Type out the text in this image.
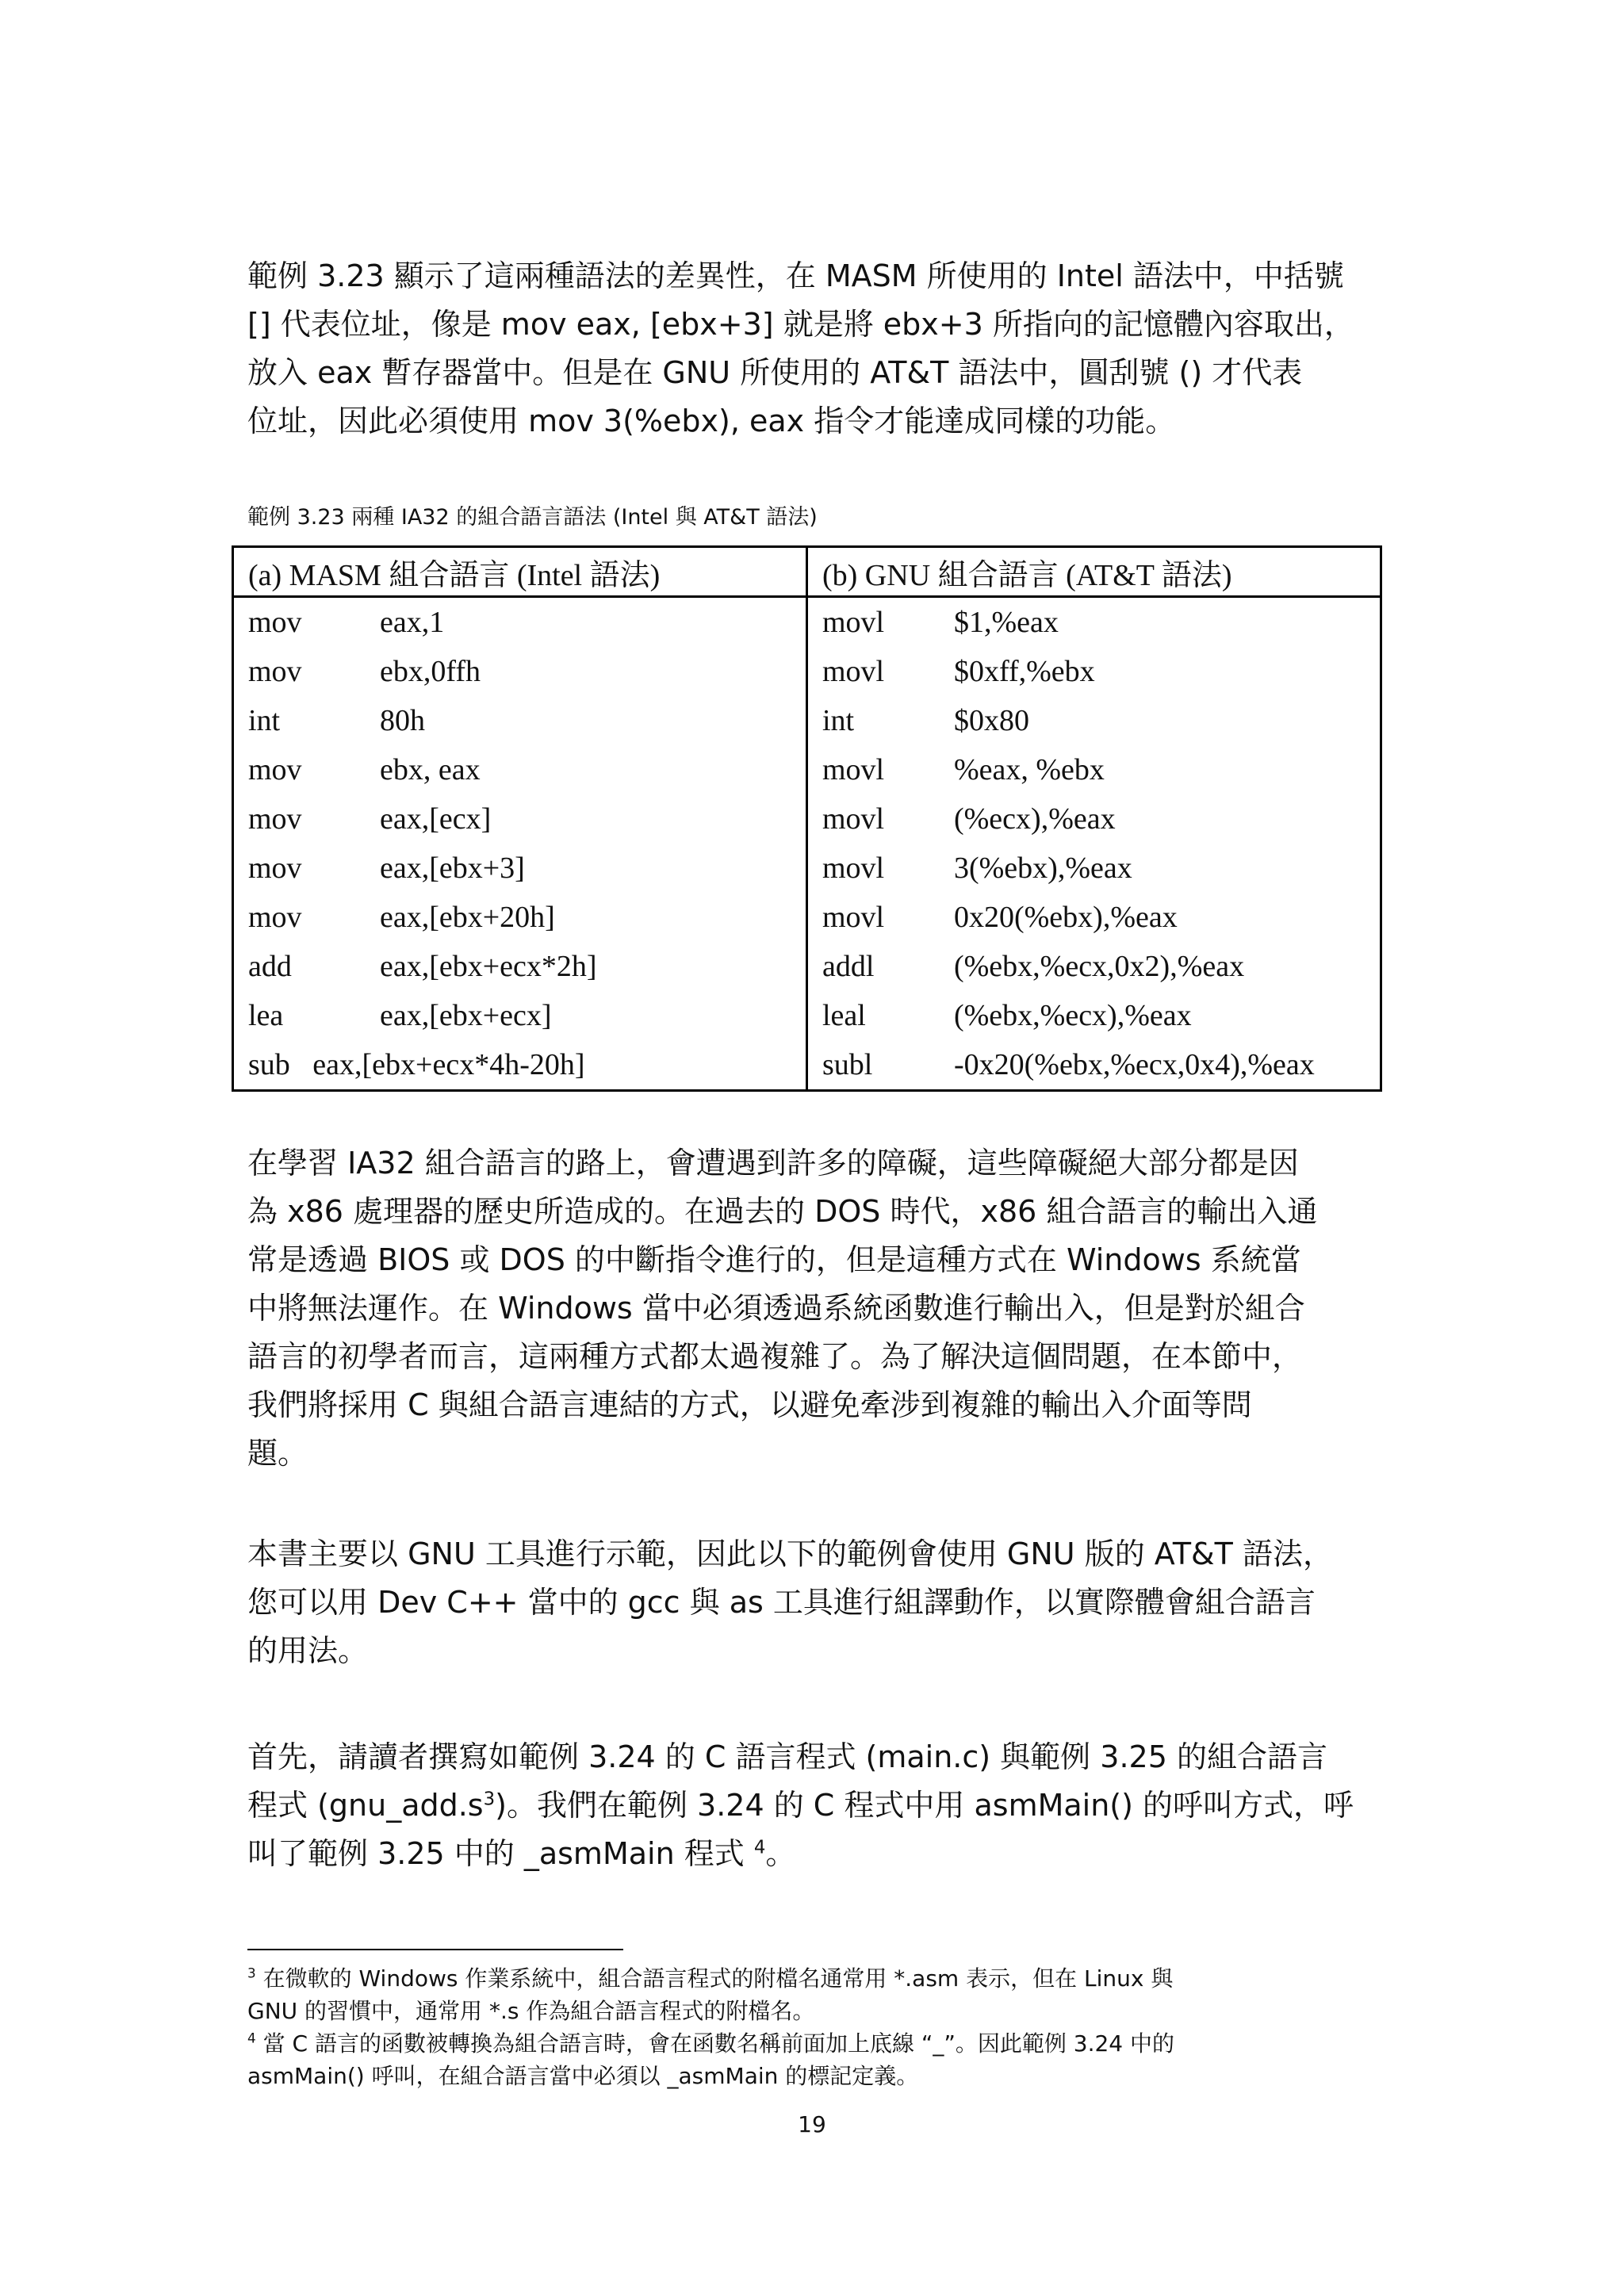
範例 3.23 顯示了這兩種語法的差異性，在 MASM 所使用的 Intel 語法中，中括號
[] 代表位址，像是 mov eax, [ebx+3] 就是將 ebx+3 所指向的記憶體內容取出，
放入 eax 暫存器當中。但是在 GNU 所使用的 AT&T 語法中，圓刮號 () 才代表
位址，因此必須使用 mov 3(%ebx), eax 指令才能達成同樣的功能。
範例 3.23 兩種 IA32 的組合語言語法 (Intel 與 AT&T 語法)
(a) MASM 組合語言 (Intel 語法)	(b) GNU 組合語言 (AT&T 語法)
mov eax,1	movl $1,%eax
mov ebx,0ffh	movl $0xff,%ebx
int 80h	int $0x80
mov ebx, eax	movl %eax, %ebx
mov eax,[ecx]	movl (%ecx),%eax
mov eax,[ebx+3]	movl 3(%ebx),%eax
mov eax,[ebx+20h]	movl 0x20(%ebx),%eax
add eax,[ebx+ecx*2h]	addl (%ebx,%ecx,0x2),%eax
lea eax,[ebx+ecx]	leal (%ebx,%ecx),%eax
sub   eax,[ebx+ecx*4h-20h]	subl -0x20(%ebx,%ecx,0x4),%eax
在學習 IA32 組合語言的路上，會遭遇到許多的障礙，這些障礙絕大部分都是因
為 x86 處理器的歷史所造成的。在過去的 DOS 時代，x86 組合語言的輸出入通
常是透過 BIOS 或 DOS 的中斷指令進行的，但是這種方式在 Windows 系統當
中將無法運作。在 Windows 當中必須透過系統函數進行輸出入，但是對於組合
語言的初學者而言，這兩種方式都太過複雜了。為了解決這個問題，在本節中，
我們將採用 C 與組合語言連結的方式，以避免牽涉到複雜的輸出入介面等問
題。
本書主要以 GNU 工具進行示範，因此以下的範例會使用 GNU 版的 AT&T 語法，
您可以用 Dev C++ 當中的 gcc 與 as 工具進行組譯動作，以實際體會組合語言
的用法。
首先，請讀者撰寫如範例 3.24 的 C 語言程式 (main.c) 與範例 3.25 的組合語言
程式 $(gnu\_add.s^3)$。我們在範例 3.24 的 C 程式中用 asmMain() 的呼叫方式，呼
叫了範例 3.25 中的 _asmMain 程式 $^4$。
$^3$ 在微軟的 Windows 作業系統中，組合語言程式的附檔名通常用 *.asm 表示，但在 Linux 與
GNU 的習慣中，通常用 *.s 作為組合語言程式的附檔名。
$^4$ 當 C 語言的函數被轉換為組合語言時，會在函數名稱前面加上底線 “_”。因此範例 3.24 中的
asmMain() 呼叫，在組合語言當中必須以 _asmMain 的標記定義。
19
